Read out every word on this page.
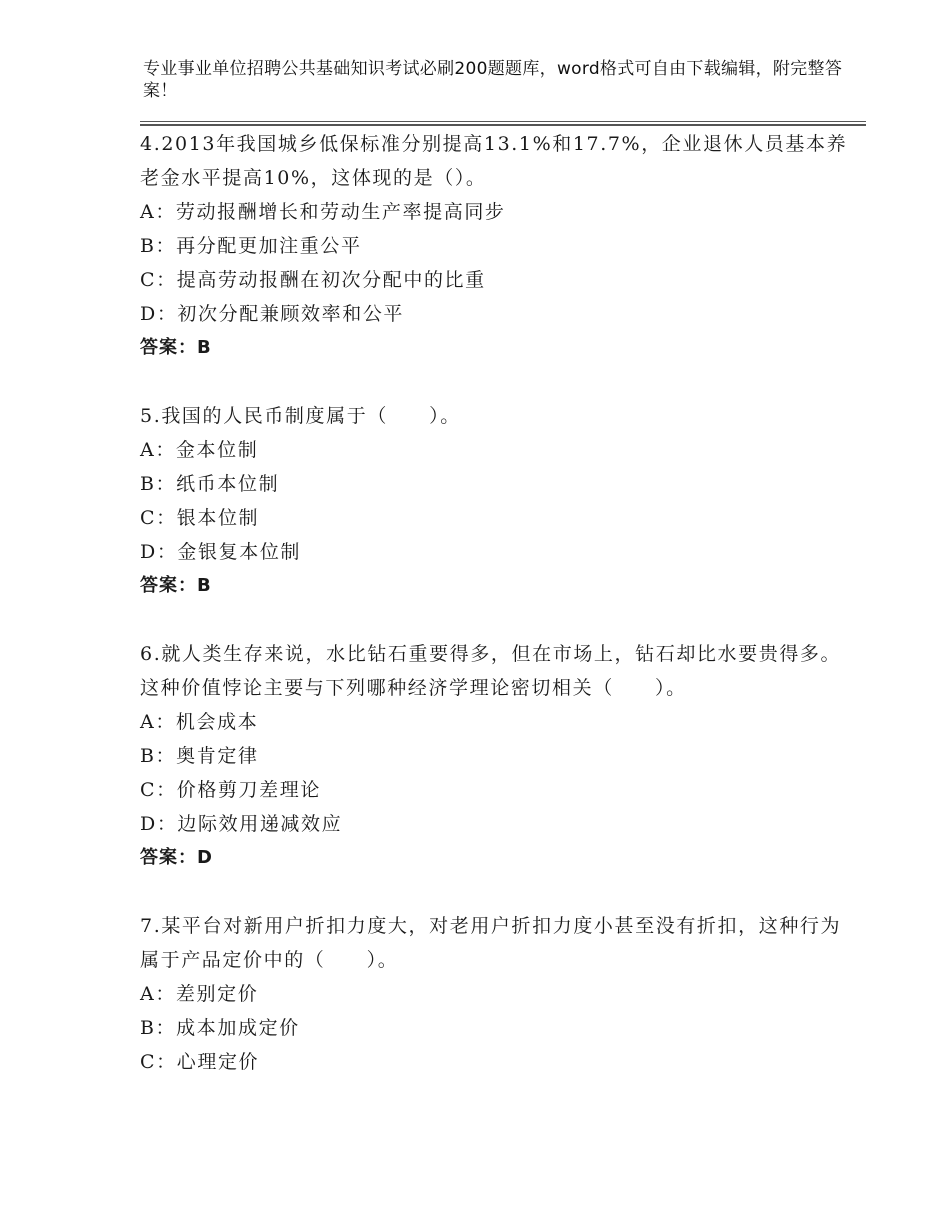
专业事业单位招聘公共基础知识考试必刷200题题库，word格式可自由下载编辑，附完整答案！

4.2013年我国城乡低保标准分别提高13.1%和17.7%，企业退休人员基本养老金水平提高10%，这体现的是（）。

A：劳动报酬增长和劳动生产率提高同步

B：再分配更加注重公平

C：提高劳动报酬在初次分配中的比重

D：初次分配兼顾效率和公平

答案：B

5.我国的人民币制度属于（　　）。

A：金本位制

B：纸币本位制

C：银本位制

D：金银复本位制

答案：B

6.就人类生存来说，水比钻石重要得多，但在市场上，钻石却比水要贵得多。这种价值悖论主要与下列哪种经济学理论密切相关（　　）。

A：机会成本

B：奥肯定律

C：价格剪刀差理论

D：边际效用递减效应

答案：D

7.某平台对新用户折扣力度大，对老用户折扣力度小甚至没有折扣，这种行为属于产品定价中的（　　）。

A：差别定价

B：成本加成定价

C：心理定价
